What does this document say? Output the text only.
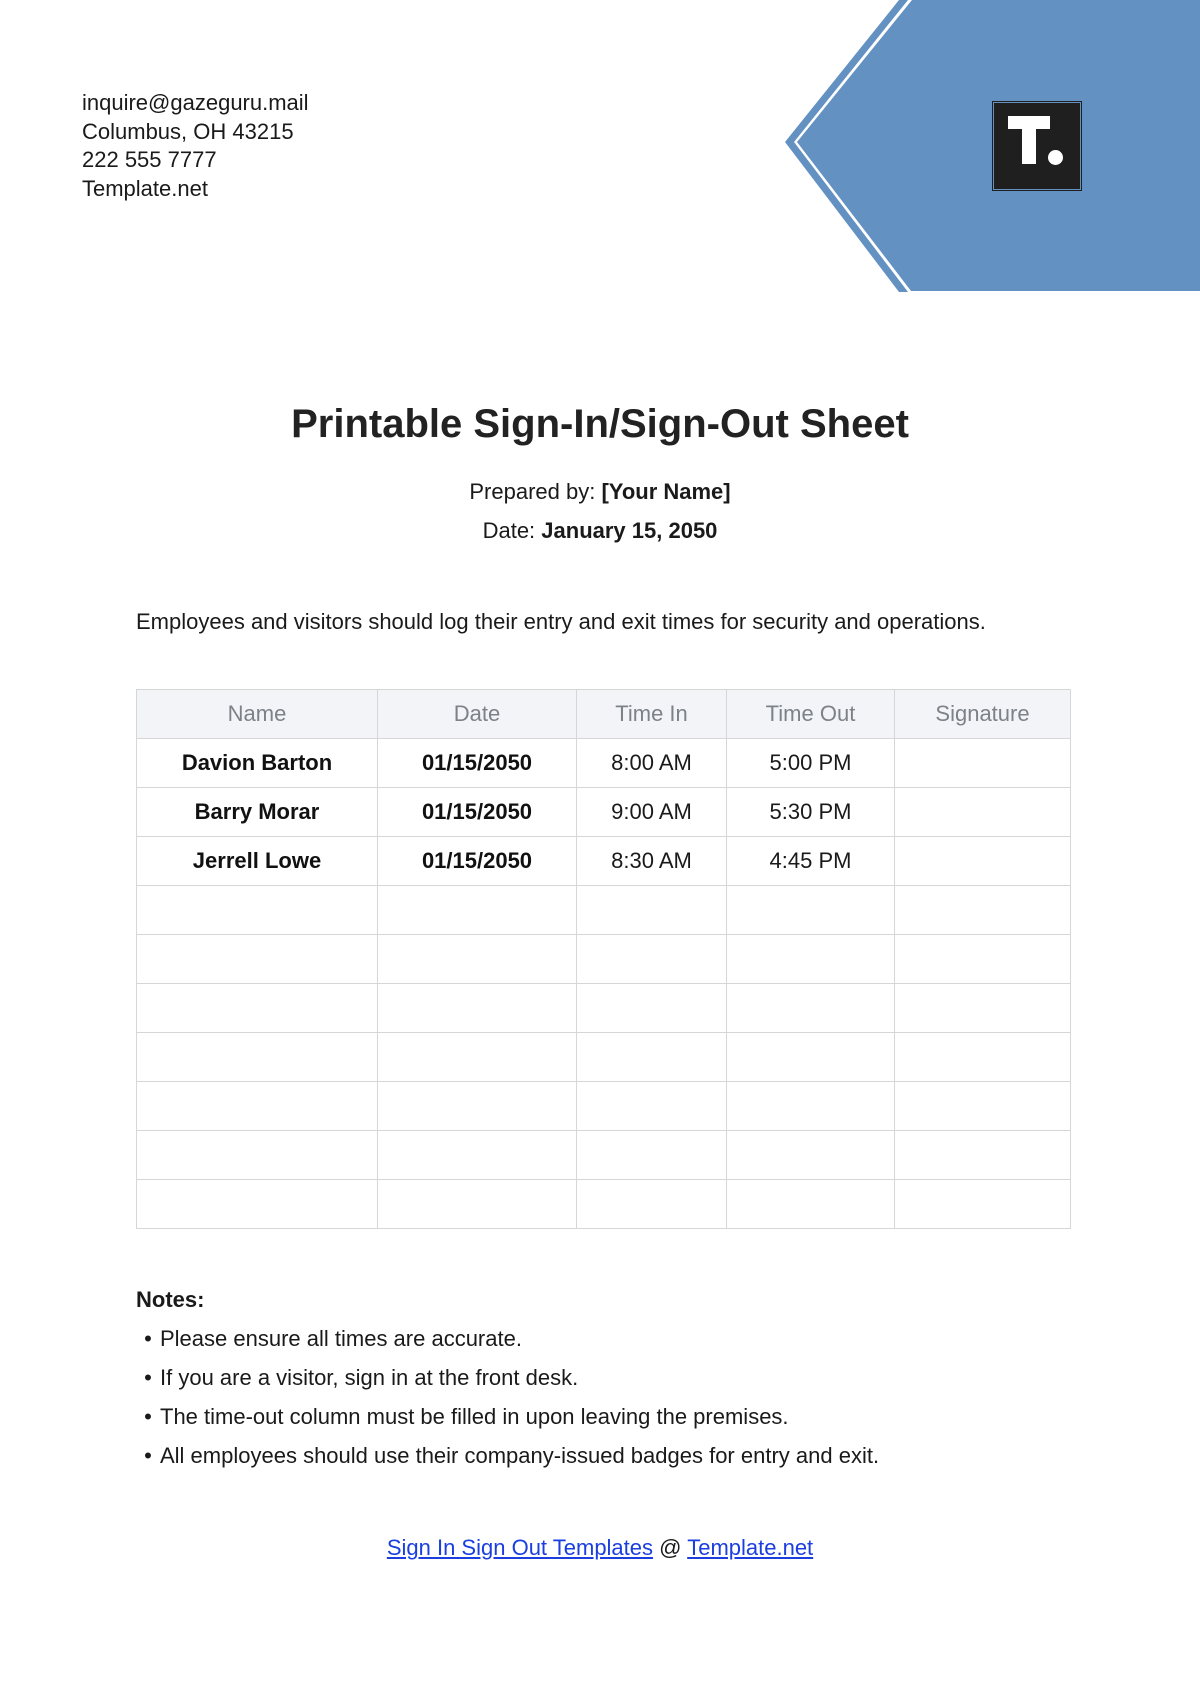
inquire@gazeguru.mail
Columbus, OH 43215
222 555 7777
Template.net
Printable Sign-In/Sign-Out Sheet
Prepared by: [Your Name]
Date: January 15, 2050
Employees and visitors should log their entry and exit times for security and operations.
Name	Date	Time In	Time Out	Signature
Davion Barton	01/15/2050	8:00 AM	5:00 PM	
Barry Morar	01/15/2050	9:00 AM	5:30 PM	
Jerrell Lowe	01/15/2050	8:30 AM	4:45 PM	

Notes:
• Please ensure all times are accurate.
• If you are a visitor, sign in at the front desk.
• The time-out column must be filled in upon leaving the premises.
• All employees should use their company-issued badges for entry and exit.
Sign In Sign Out Templates @ Template.net
